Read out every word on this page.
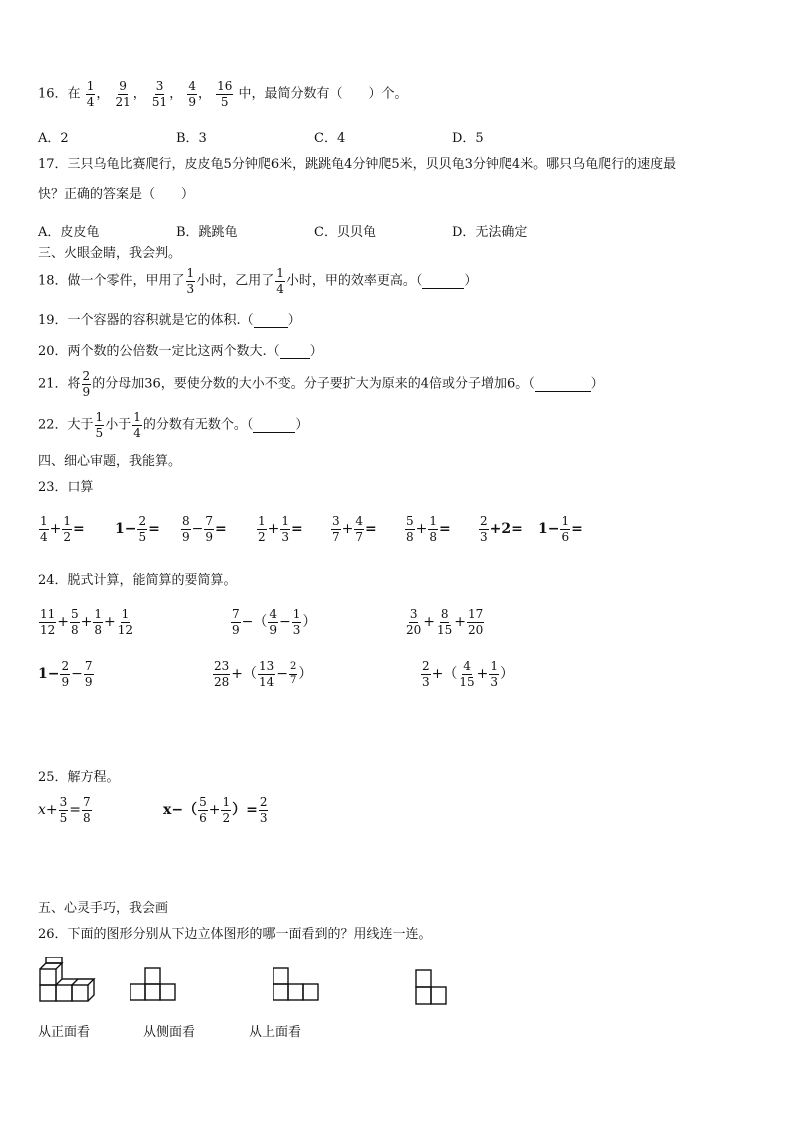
16．在 $\frac{1}{4}$ ， $\frac{9}{21}$ ， $\frac{3}{51}$ ， $\frac{4}{9}$ ， $\frac{16}{5}$ 中，最简分数有（　　）个。
A．2	B．3	C．4	D．5
17．三只乌龟比赛爬行，皮皮龟5分钟爬6米，跳跳龟4分钟爬5米，贝贝龟3分钟爬4米。哪只乌龟爬行的速度最
快？正确的答案是（　　）
A．皮皮龟	B．跳跳龟	C．贝贝龟	D．无法确定
三、火眼金睛，我会判。
18．做一个零件，甲用了 $\frac{1}{3}$ 小时，乙用了 $\frac{1}{4}$ 小时，甲的效率更高。（	）
19．一个容器的容积就是它的体积.（	）
20．两个数的公倍数一定比这两个数大.（ ）
21．将 $\frac{2}{9}$ 的分母加36，要使分数的大小不变。分子要扩大为原来的4倍或分子增加6。（	）
22．大于 $\frac{1}{5}$ 小于 $\frac{1}{4}$ 的分数有无数个。（	）
四、细心审题，我能算。
23．口算
$\frac{1}{4} + \frac{1}{2} = 1- \frac{2}{5} = \frac{8}{9} - \frac{7}{9}$ =	$\frac{1}{2} + \frac{1}{3} = \frac{3}{7} + \frac{4}{7} = \frac{5}{8} + \frac{1}{8} = \frac{2}{3} +2= 1- \frac{1}{6}$ =
24．脱式计算，能简算的要简算。
$\frac{11}{12} + \frac{5}{8} + \frac{1}{8} + \frac{1}{12}$	$\frac{7}{9}$ −（ $\frac{4}{9} - \frac{1}{3}$ ）	$\frac{3}{20} + \frac{8}{15} + \frac{17}{20}$
$1- \frac{2}{9} - \frac{7}{9}$	$\frac{23}{28}$ +（ $\frac{13}{14} - \frac{2}{7}$ ）	$\frac{2}{3}$ +（ $\frac{4}{15} + \frac{1}{3}$ ）
25．解方程。
$x+ \frac{3}{5} = \frac{7}{8}$	$x-( \frac{5}{6} + \frac{1}{2}$ ）= $\frac{2}{3}$
五、心灵手巧，我会画
26．下面的图形分别从下边立体图形的哪一面看到的？用线连一连。
从正面看	从侧面看	从上面看
